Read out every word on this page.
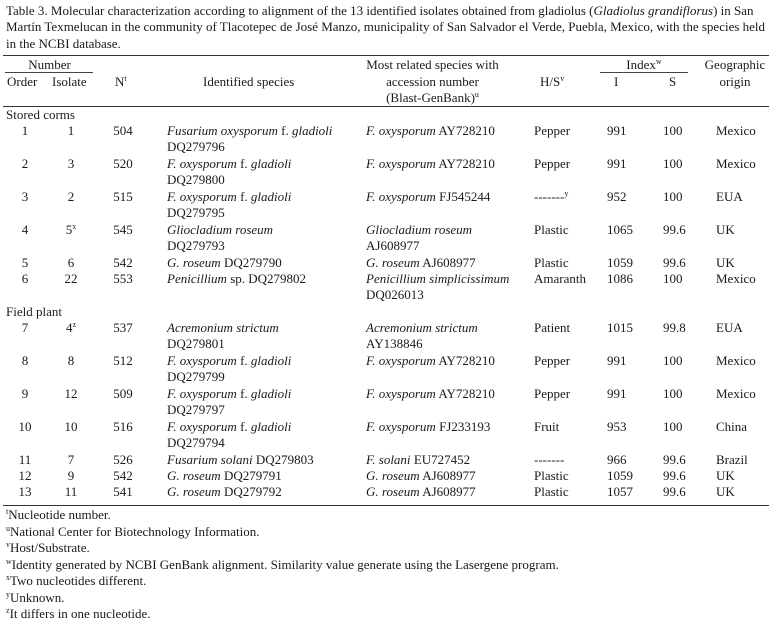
Table 3. Molecular characterization according to alignment of the 13 identified isolates obtained from gladiolus (Gladiolus grandiflorus) in San Martín Texmelucan in the community of Tlacotepec de José Manzo, municipality of San Salvador el Verde, Puebla, Mexico, with the species held in the NCBI database.
Number
Order Isolate $N^t$	Identified species
Most related species with
accession number
(Blast-GenBank)$^u$
$H/S^v$
Index$^w$
I	S
Geographic
origin
Stored corms
1	1	504	Fusarium oxysporum f. gladioli
DQ279796
F. oxysporum AY728210	Pepper	991	100	Mexico
2	3	520	F. oxysporum f. gladioli
DQ279800
F. oxysporum AY728210	Pepper	991	100	Mexico
3	2	515	F. oxysporum f. gladioli
DQ279795
F. oxysporum FJ545244	-------$^y$	952	100	EUA
4	5$^x$	545	Gliocladium roseum
DQ279793
Gliocladium roseum
AJ608977
Plastic	1065 99.6 UK
5	6	542	G. roseum DQ279790	G. roseum AJ608977	Plastic	1059 99.6 UK
6	22	553	Penicillium sp. DQ279802	Penicillium simplicissimum
DQ026013
Amaranth 1086 100	Mexico
Field plant
7	4$^z$	537	Acremonium strictum
DQ279801
Acremonium strictum
AY138846
Patient	1015 99.8 EUA
8	8	512	F. oxysporum f. gladioli
DQ279799
F. oxysporum AY728210	Pepper	991	100	Mexico
9	12	509	F. oxysporum f. gladioli
DQ279797
F. oxysporum AY728210	Pepper	991	100	Mexico
10	10	516	F. oxysporum f. gladioli
DQ279794
F. oxysporum FJ233193	Fruit	953	100	China
11	7	526	Fusarium solani DQ279803	F. solani EU727452	-------	966	99.6 Brazil
12	9	542	G. roseum DQ279791	G. roseum AJ608977	Plastic	1059 99.6 UK
13	11	541	G. roseum DQ279792	G. roseum AJ608977	Plastic	1057 99.6 UK
$^t$Nucleotide number.
$^u$National Center for Biotechnology Information.
$^v$Host/Substrate.
$^w$Identity generated by NCBI GenBank alignment. Similarity value generate using the Lasergene program.
$^x$Two nucleotides different.
$^y$Unknown.
$^z$It differs in one nucleotide.
